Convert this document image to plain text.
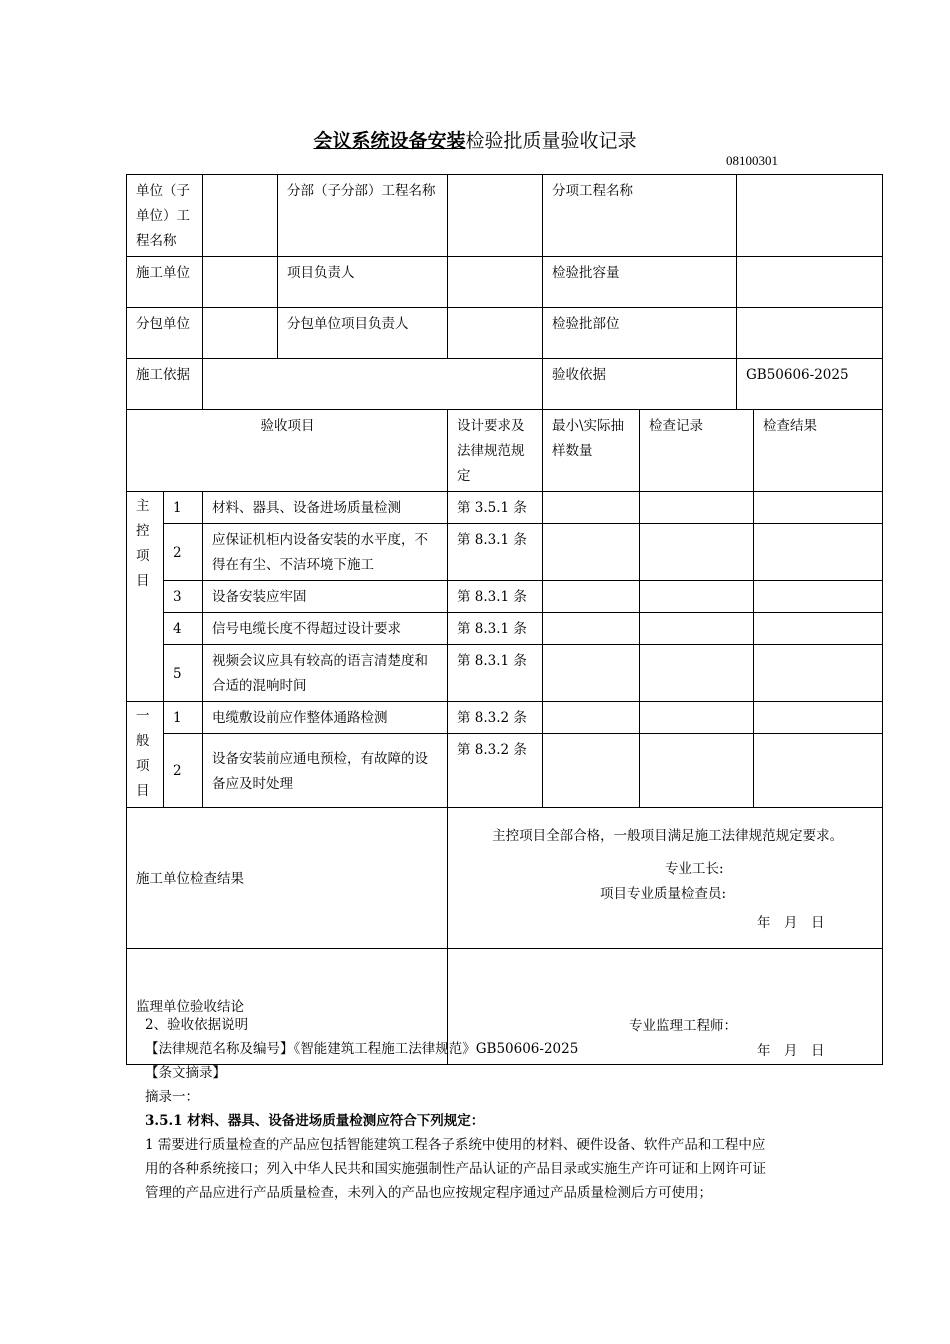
会议系统设备安装检验批质量验收记录
08100301
单位（子单位）工程名称			分部（子分部）工程名称		分项工程名称			
施工单位			项目负责人		检验批容量			
分包单位			分包单位项目负责人		检验批部位			
施工依据					验收依据		GB50606-2025	
验收项目				设计要求及法律规范规定	最小\实际抽样数量	检查记录		检查结果

主控项目	1	材料、器具、设备进场质量检测		第 3.5.1 条				
	2	应保证机柜内设备安装的水平度，不得在有尘、不洁环境下施工		第 8.3.1 条				
	3	设备安装应牢固		第 8.3.1 条				
	4	信号电缆长度不得超过设计要求		第 8.3.1 条				
	5	视频会议应具有较高的语言清楚度和合适的混响时间		第 8.3.1 条				

一般项目	1	电缆敷设前应作整体通路检测		第 8.3.2 条				
	2	设备安装前应通电预检，有故障的设备应及时处理		第 8.3.2 条				
施工单位检查结果				主控项目全部合格，一般项目满足施工法律规范规定要求。
专业工长:
项目专业质量检查员:
年　月　日				

监理单位验收结论				专业监理工程师：
年　月　日				

2、验收依据说明

【法律规范名称及编号】《智能建筑工程施工法律规范》GB50606-2025

【条文摘录】

摘录一：

3.5.1 材料、器具、设备进场质量检测应符合下列规定：

1 需要进行质量检查的产品应包括智能建筑工程各子系统中使用的材料、硬件设备、软件产品和工程中应

用的各种系统接口；列入中华人民共和国实施强制性产品认证的产品目录或实施生产许可证和上网许可证

管理的产品应进行产品质量检查，未列入的产品也应按规定程序通过产品质量检测后方可使用；
